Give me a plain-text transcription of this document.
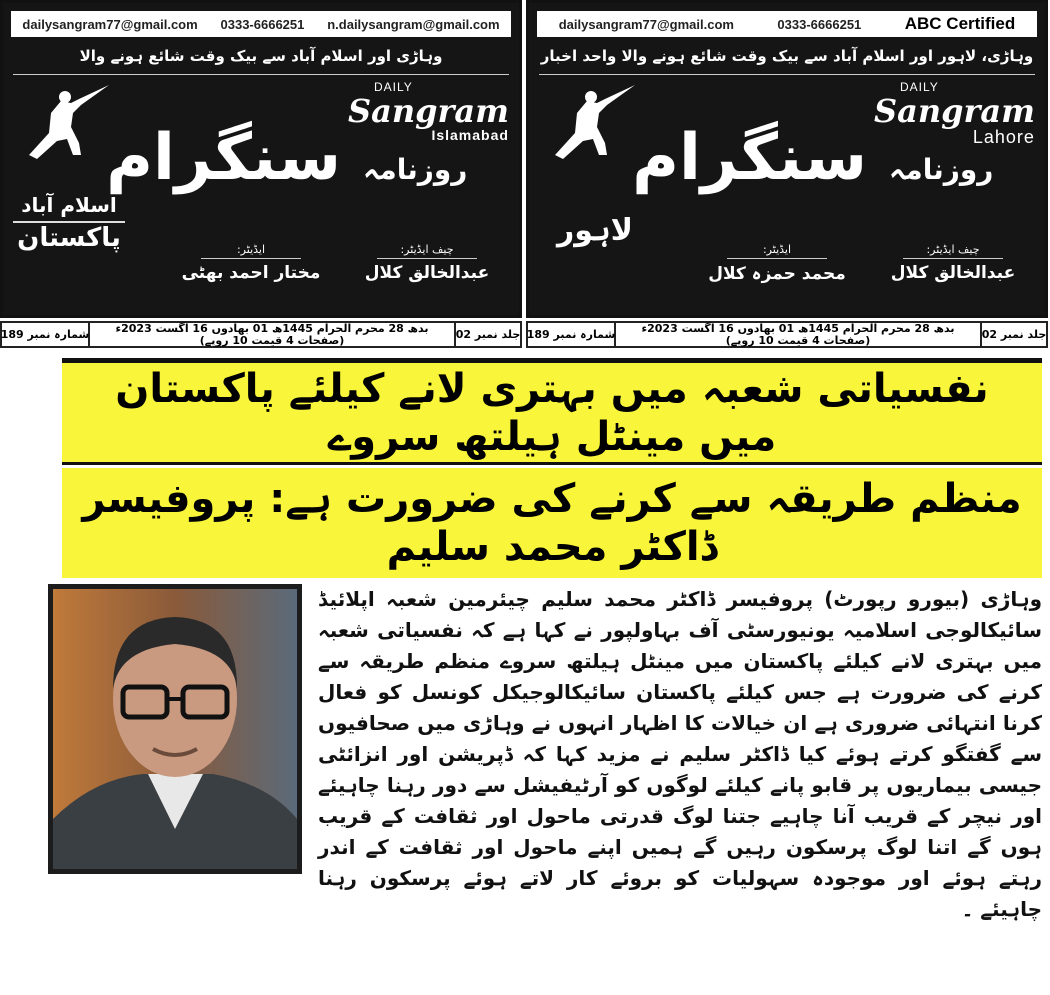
dailysangram77@gmail.com 0333-6666251 n.dailysangram@gmail.com
وہاڑی اور اسلام آباد سے بیک وقت شائع ہونے والا
سنگرام روزنامہ
DAILY
Sangram
Islamabad
اسلام آباد
پاکستان	ایڈیٹر:
مختار احمد بھٹی
چیف ایڈیٹر:
عبدالخالق کلال
جلد نمبر 02
بدھ 28 محرم الحرام 1445ھ 01 بھادوں 16 اگست 2023ء (صفحات 4 قیمت 10 روپے)
شمارہ نمبر 189
dailysangram77@gmail.com	0333-6666251	ABC Certified
وہاڑی، لاہور اور اسلام آباد سے بیک وقت شائع ہونے والا واحد اخبار
سنگرام روزنامہ
DAILY
Sangram
Lahore
لاہور
ایڈیٹر:
محمد حمزہ کلال
چیف ایڈیٹر:
عبدالخالق کلال
جلد نمبر 02
بدھ 28 محرم الحرام 1445ھ 01 بھادوں 16 اگست 2023ء (صفحات 4 قیمت 10 روپے)
شمارہ نمبر 189
نفسیاتی شعبہ میں بہتری لانے کیلئے پاکستان میں مینٹل ہیلتھ سروے
منظم طریقہ سے کرنے کی ضرورت ہے: پروفیسر ڈاکٹر محمد سلیم
وہاڑی (بیورو رپورٹ) پروفیسر ڈاکٹر محمد سلیم چیئرمین شعبہ اپلائیڈ سائیکالوجی اسلامیہ یونیورسٹی آف بہاولپور نے کہا ہے کہ نفسیاتی شعبہ میں بہتری لانے کیلئے پاکستان میں مینٹل ہیلتھ سروے منظم طریقہ سے کرنے کی ضرورت ہے جس کیلئے پاکستان سائیکالوجیکل کونسل کو فعال کرنا انتہائی ضروری ہے ان خیالات کا اظہار انہوں نے وہاڑی میں صحافیوں سے گفتگو کرتے ہوئے کیا ڈاکٹر سلیم نے مزید کہا کہ ڈپریشن اور انزائٹی جیسی بیماریوں پر قابو پانے کیلئے لوگوں کو آرٹیفیشل سے دور رہنا چاہیئے اور نیچر کے قریب آنا چاہیے جتنا لوگ قدرتی ماحول اور ثقافت کے قریب ہوں گے اتنا لوگ پرسکون رہیں گے ہمیں اپنے ماحول اور ثقافت کے اندر رہتے ہوئے اور موجودہ سہولیات کو بروئے کار لاتے ہوئے پرسکون رہنا چاہیئے ۔
